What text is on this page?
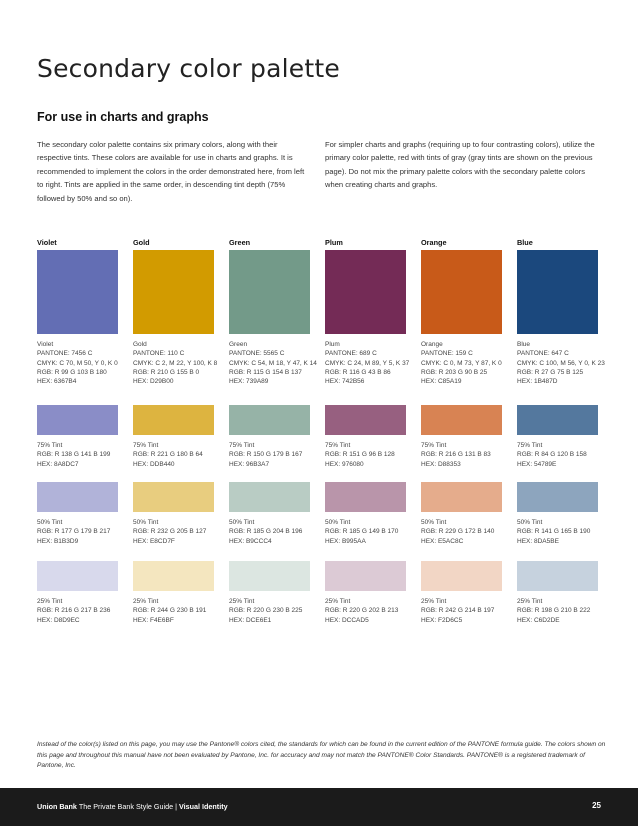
Secondary color palette
For use in charts and graphs
The secondary color palette contains six primary colors, along with their respective tints. These colors are available for use in charts and graphs. It is recommended to implement the colors in the order demonstrated here, from left to right. Tints are applied in the same order, in descending tint depth (75% followed by 50% and so on).
For simpler charts and graphs (requiring up to four contrasting colors), utilize the primary color palette, red with tints of gray (gray tints are shown on the previous page). Do not mix the primary palette colors with the secondary palette colors when creating charts and graphs.
Violet
Violet
PANTONE: 7456 C
CMYK: C 70, M 50, Y 0, K 0
RGB: R 99 G 103 B 180
HEX: 6367B4
75% Tint
RGB: R 138 G 141 B 199
HEX: 8A8DC7
50% Tint
RGB: R 177 G 179 B 217
HEX: B1B3D9
25% Tint
RGB: R 216 G 217 B 236
HEX: D8D9EC
Gold
Gold
PANTONE: 110 C
CMYK: C 2, M 22, Y 100, K 8
RGB: R 210 G 155 B 0
HEX: D29B00
75% Tint
RGB: R 221 G 180 B 64
HEX: DDB440
50% Tint
RGB: R 232 G 205 B 127
HEX: E8CD7F
25% Tint
RGB: R 244 G 230 B 191
HEX: F4E6BF
Green
Green
PANTONE: 5565 C
CMYK: C 54, M 18, Y 47, K 14
RGB: R 115 G 154 B 137
HEX: 739A89
75% Tint
RGB: R 150 G 179 B 167
HEX: 96B3A7
50% Tint
RGB: R 185 G 204 B 196
HEX: B9CCC4
25% Tint
RGB: R 220 G 230 B 225
HEX: DCE6E1
Plum
Plum
PANTONE: 689 C
CMYK: C 24, M 89, Y 5, K 37
RGB: R 116 G 43 B 86
HEX: 742B56
75% Tint
RGB: R 151 G 96 B 128
HEX: 976080
50% Tint
RGB: R 185 G 149 B 170
HEX: B995AA
25% Tint
RGB: R 220 G 202 B 213
HEX: DCCAD5
Orange
Orange
PANTONE: 159 C
CMYK: C 0, M 73, Y 87, K 0
RGB: R 203 G 90 B 25
HEX: C85A19
75% Tint
RGB: R 216 G 131 B 83
HEX: D88353
50% Tint
RGB: R 229 G 172 B 140
HEX: E5AC8C
25% Tint
RGB: R 242 G 214 B 197
HEX: F2D6C5
Blue
Blue
PANTONE: 647 C
CMYK: C 100, M 56, Y 0, K 23
RGB: R 27 G 75 B 125
HEX: 1B487D
75% Tint
RGB: R 84 G 120 B 158
HEX: 54789E
50% Tint
RGB: R 141 G 165 B 190
HEX: 8DA5BE
25% Tint
RGB: R 198 G 210 B 222
HEX: C6D2DE
Instead of the color(s) listed on this page, you may use the Pantone® colors cited, the standards for which can be found in the current edition of the PANTONE formula guide. The colors shown on this page and throughout this manual have not been evaluated by Pantone, Inc. for accuracy and may not match the PANTONE® Color Standards. PANTONE® is a registered trademark of Pantone, Inc.
Union Bank The Private Bank Style Guide | Visual Identity	25
